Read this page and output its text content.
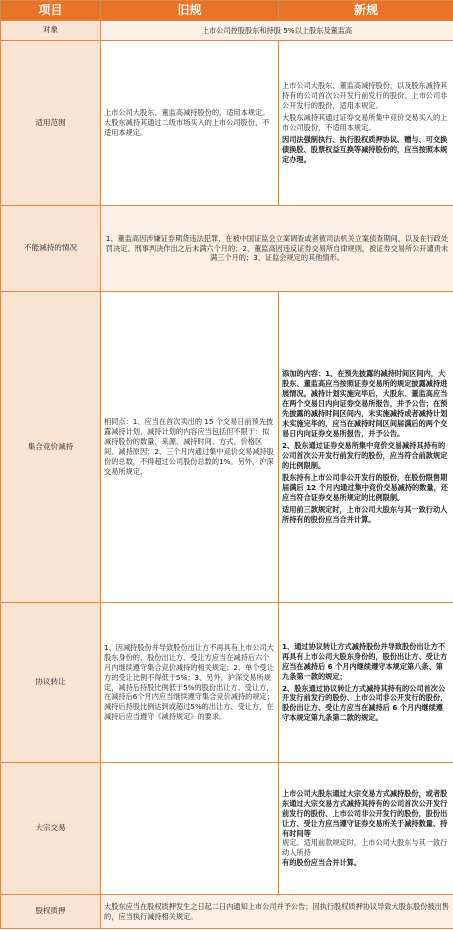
项目	旧规	新规
对象	上市公司控股股东和持股 5%以上股东及董监高	
适用范围	上市公司大股东、董监高减持股份的，适用本规定。大股东减持其通过二级市场买入的上市公司股份，不适用本规定。	上市公司大股东、董监高减持股份，以及股东减持其持有的公司首次公开发行前发行的股份、上市公司非公开发行的股份，适用本规定。

大股东减持其通过证券交易所集中竞价交易买入的上市公司股份，不适用本规定。

因司法强制执行、执行股权质押协议、赠与、可交换债换股、股票权益互换等减持股份的，应当按照本规定办理。

不能减持的情况	1、董监高因涉嫌证券期货违法犯罪，在被中国证监会立案调查或者被司法机关立案侦查期间，以及在行政处罚决定、刑事判决作出之后未满六个月的；2、董监高因违反证券交易所自律规则，被证券交易所公开谴责未满三个月的；3、证监会规定的其他情形。	
集合竞价减持	相同点：1、应当在首次卖出的 15 个交易日前预先披露减持计划，减持计划的内容应当包括但不限于：拟减持股份的数量、来源、减持时间、方式、价格区间、减持原因；2、三个月内通过集中竞价交易减持股份的总数，不得超过公司股份总数的1%。另外，沪深交易所规定，	添加的内容：1、在预先披露的减持时间区间内，大股东、董监高应当按照证券交易所的规定披露减持进展情况。减持计划实施完毕后，大股东、董监高应当在两个交易日内向证券交易所报告，并予公告；在预先披露的减持时间区间内，未实施减持或者减持计划未实施完毕的，应当在减持时间区间届满后的两个交易日内向证券交易所报告，并予公告。

2、股东通过证券交易所集中竞价交易减持其持有的公司首次公开发行前发行的股份，应当符合前款规定的比例限制。

股东持有上市公司非公开发行的股份，在股份限售期届满后 12 个月内通过集中竞价交易减持的数量，还应当符合证券交易所规定的比例限制。

适用前三款规定时，上市公司大股东与其一致行动人所持有的股份应当合并计算。

协议转让	1、因减持股份并导致股份出让方不再具有上市公司大股东身份的，股份出让方、受让方应当在减持后六个月内继续遵守集合竞价减持的相关规定；2、单个受让方的受让比例不得低于5%；3、另外，沪深交易所规定，减持后持股比例低于5%的股份出让方、受让方，在减持后6个月内应当继续遵守集合竞价减持的规定；减持后持股比例达到或超过5%的出让方、受让方，在减持后应当遵守《减持规定》的要求。	1、通过协议转让方式减持股份并导致股份出让方不再具有上市公司大股东身份的，股份出让方、受让方应当在减持后 6 个月内继续遵守本规定第八条、第九条第一款的规定；

2、股东通过协议转让方式减持其持有的公司首次公开发行前发行的股份、上市公司非公开发行的股份，股份出让方、受让方应当在减持后 6 个月内继续遵守本规定第九条第二款的规定。

大宗交易		上市公司大股东通过大宗交易方式减持股份，或者股东通过大宗交易方式减持其持有的公司首次公开发行前发行的股份、上市公司非公开发行的股份，股份出让方、受让方应当遵守证券交易所关于减持数量、持有时间等
规定。适用前款规定时，上市公司大股东与其一致行动人所持
有的股份应当合并计算。
股权质押	大股东应当在股权质押发生之日起二日内通知上市公司并予公告；因执行股权质押协议导致大股东股份被出售的，应当执行减持相关规定。	
